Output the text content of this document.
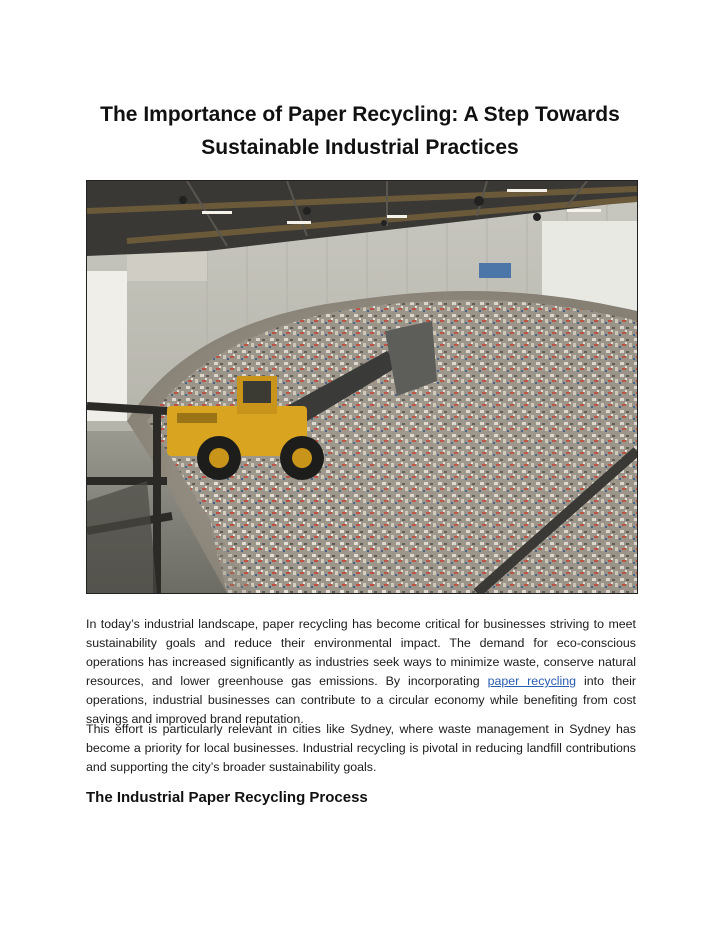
The Importance of Paper Recycling: A Step Towards
Sustainable Industrial Practices
In today’s industrial landscape, paper recycling has become critical for businesses striving to meet sustainability goals and reduce their environmental impact. The demand for eco-conscious operations has increased significantly as industries seek ways to minimize waste, conserve natural resources, and lower greenhouse gas emissions. By incorporating paper recycling into their operations, industrial businesses can contribute to a circular economy while benefiting from cost savings and improved brand reputation.
This effort is particularly relevant in cities like Sydney, where waste management in Sydney has become a priority for local businesses. Industrial recycling is pivotal in reducing landfill contributions and supporting the city’s broader sustainability goals.
The Industrial Paper Recycling Process
